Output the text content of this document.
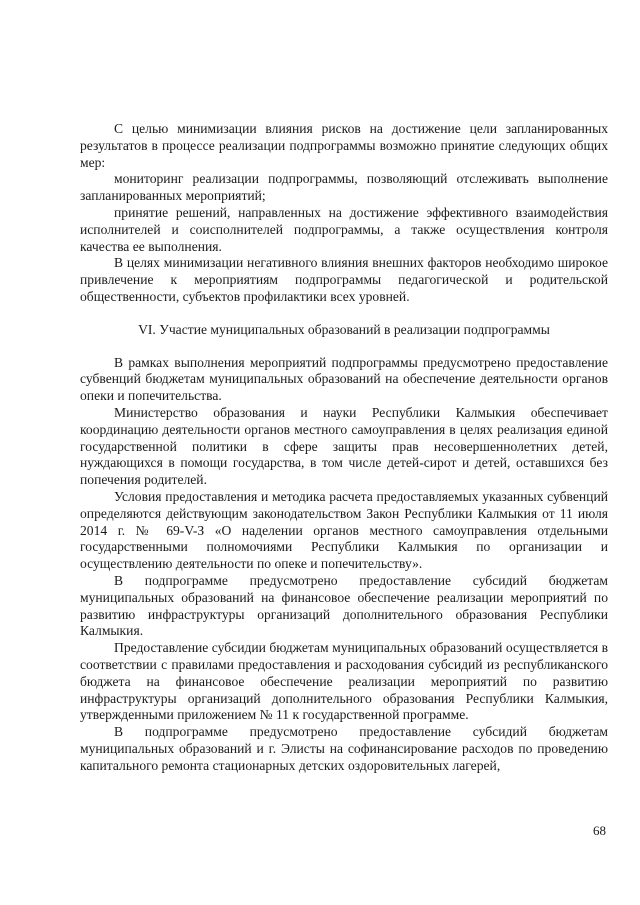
С целью минимизации влияния рисков на достижение цели запланированных результатов в процессе реализации подпрограммы возможно принятие следующих общих мер:

мониторинг реализации подпрограммы, позволяющий отслеживать выполнение запланированных мероприятий;

принятие решений, направленных на достижение эффективного взаимодействия исполнителей и соисполнителей подпрограммы, а также осуществления контроля качества ее выполнения.

В целях минимизации негативного влияния внешних факторов необходимо широкое привлечение к мероприятиям подпрограммы педагогической и родительской общественности, субъектов профилактики всех уровней.

VI. Участие муниципальных образований в реализации подпрограммы

В рамках выполнения мероприятий подпрограммы предусмотрено предоставление субвенций бюджетам муниципальных образований на обеспечение деятельности органов опеки и попечительства.

Министерство образования и науки Республики Калмыкия обеспечивает координацию деятельности органов местного самоуправления в целях реализация единой государственной политики в сфере защиты прав несовершеннолетних детей, нуждающихся в помощи государства, в том числе детей-сирот и детей, оставшихся без попечения родителей.

Условия предоставления и методика расчета предоставляемых указанных субвенций определяются действующим законодательством Закон Республики Калмыкия от 11 июля 2014 г. № 69-V-З «О наделении органов местного самоуправления отдельными государственными полномочиями Республики Калмыкия по организации и осуществлению деятельности по опеке и попечительству».

В подпрограмме предусмотрено предоставление субсидий бюджетам муниципальных образований на финансовое обеспечение реализации мероприятий по развитию инфраструктуры организаций дополнительного образования Республики Калмыкия.

Предоставление субсидии бюджетам муниципальных образований осуществляется в соответствии с правилами предоставления и расходования субсидий из республиканского бюджета на финансовое обеспечение реализации мероприятий по развитию инфраструктуры организаций дополнительного образования Республики Калмыкия, утвержденными приложением № 11 к государственной программе.

В подпрограмме предусмотрено предоставление субсидий бюджетам муниципальных образований и г. Элисты на софинансирование расходов по проведению капитального ремонта стационарных детских оздоровительных лагерей,

68
